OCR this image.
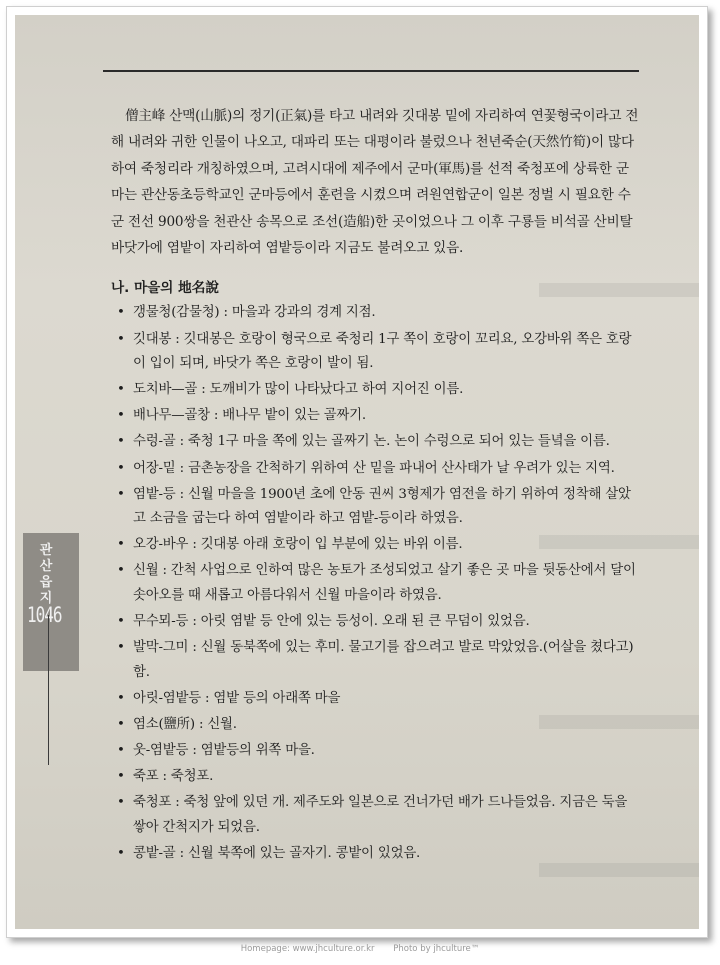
僧主峰 산맥(山脈)의 정기(正氣)를 타고 내려와 깃대봉 밑에 자리하여 연꽃형국이라고 전해 내려와 귀한 인물이 나오고, 대파리 또는 대평이라 불렀으나 천년죽순(天然竹筍)이 많다 하여 죽청리라 개칭하였으며, 고려시대에 제주에서 군마(軍馬)를 선적 죽청포에 상륙한 군마는 관산동초등학교인 군마등에서 훈련을 시켰으며 려원연합군이 일본 정벌 시 필요한 수군 전선 900쌍을 천관산 송목으로 조선(造船)한 곳이었으나 그 이후 구룡들 비석골 산비탈 바닷가에 염밭이 자리하여 염밭등이라 지금도 불려오고 있음.

나. 마을의 地名說
• 갱물청(감물청) : 마을과 강과의 경계 지점.
• 깃대봉 : 깃대봉은 호랑이 형국으로 죽청리 1구 쪽이 호랑이 꼬리요, 오강바위 쪽은 호랑이 입이 되며, 바닷가 쪽은 호랑이 발이 됨.
• 도치바—골 : 도깨비가 많이 나타났다고 하여 지어진 이름.
• 배나무—골창 : 배나무 밭이 있는 골짜기.
• 수렁-골 : 죽청 1구 마을 쪽에 있는 골짜기 논. 논이 수렁으로 되어 있는 들녘을 이름.
• 어장-밑 : 금촌농장을 간척하기 위하여 산 밑을 파내어 산사태가 날 우려가 있는 지역.
• 염밭-등 : 신월 마을을 1900년 초에 안동 권씨 3형제가 염전을 하기 위하여 정착해 살았고 소금을 굽는다 하여 염밭이라 하고 염밭-등이라 하였음.
• 오강-바우 : 깃대봉 아래 호랑이 입 부분에 있는 바위 이름.
• 신월 : 간척 사업으로 인하여 많은 농토가 조성되었고 살기 좋은 곳 마을 뒷동산에서 달이 솟아오를 때 새롭고 아름다워서 신월 마을이라 하였음.
• 무수뫼-등 : 아릿 염밭 등 안에 있는 등성이. 오래 된 큰 무덤이 있었음.
• 발막-그미 : 신월 동북쪽에 있는 후미. 물고기를 잡으려고 발로 막았었음.(어살을 쳤다고) 함.
• 아릿-염밭등 : 염밭 등의 아래쪽 마을
• 염소(鹽所) : 신월.
• 웃-염밭등 : 염밭등의 위쪽 마을.
• 죽포 : 죽청포.
• 죽청포 : 죽청 앞에 있던 개. 제주도와 일본으로 건너가던 배가 드나들었음. 지금은 둑을 쌓아 간척지가 되었음.
• 콩밭-골 : 신월 북쪽에 있는 골자기. 콩밭이 있었음.
관산읍지
1046
Homepage: www.jhculture.or.kr Photo by jhculture™
